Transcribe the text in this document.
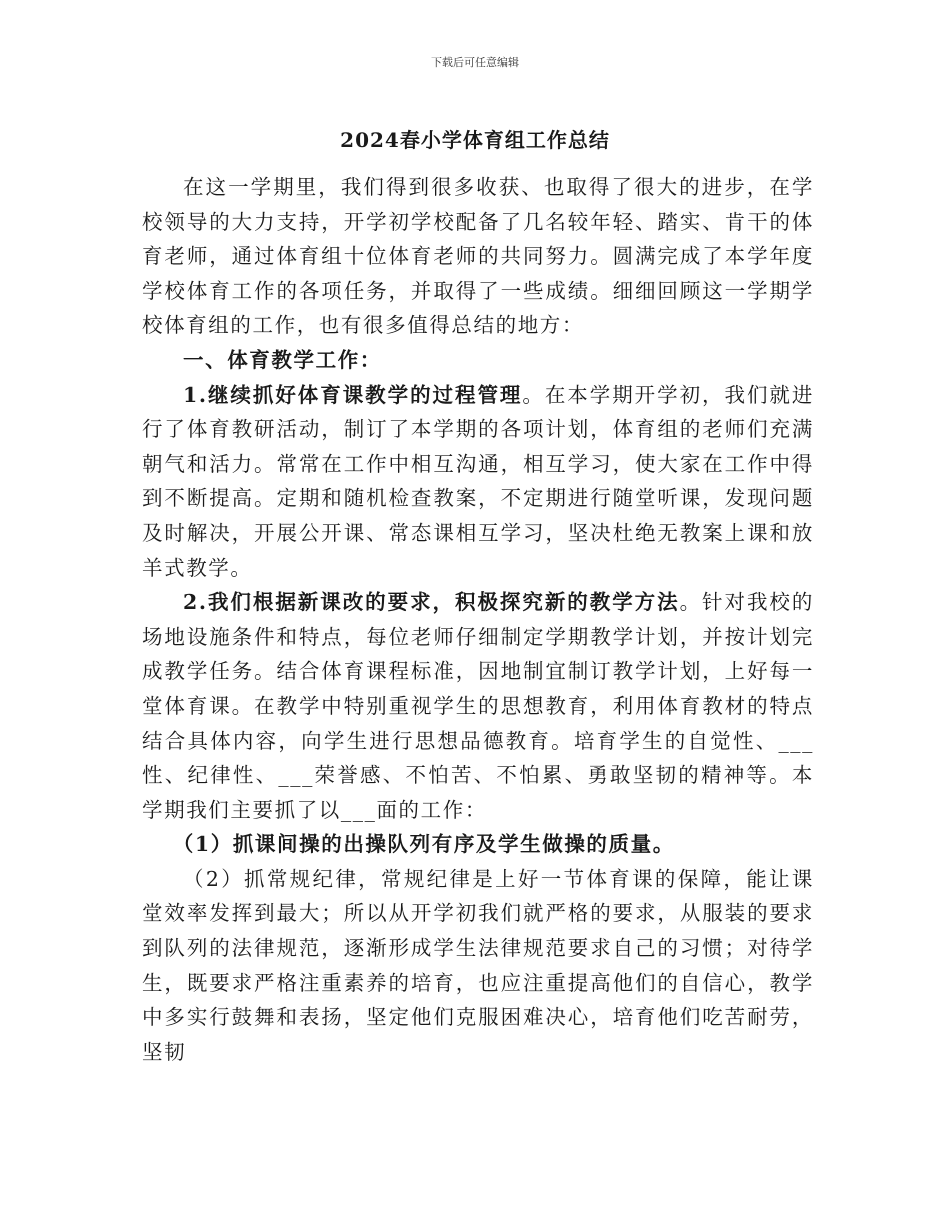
下载后可任意编辑
2024春小学体育组工作总结

在这一学期里，我们得到很多收获、也取得了很大的进步，在学校领导的大力支持，开学初学校配备了几名较年轻、踏实、肯干的体育老师，通过体育组十位体育老师的共同努力。圆满完成了本学年度学校体育工作的各项任务，并取得了一些成绩。细细回顾这一学期学校体育组的工作，也有很多值得总结的地方：

一、体育教学工作：

1.继续抓好体育课教学的过程管理。在本学期开学初，我们就进行了体育教研活动，制订了本学期的各项计划，体育组的老师们充满朝气和活力。常常在工作中相互沟通，相互学习，使大家在工作中得到不断提高。定期和随机检查教案，不定期进行随堂听课，发现问题及时解决，开展公开课、常态课相互学习，坚决杜绝无教案上课和放羊式教学。

2.我们根据新课改的要求，积极探究新的教学方法。针对我校的场地设施条件和特点，每位老师仔细制定学期教学计划，并按计划完成教学任务。结合体育课程标准，因地制宜制订教学计划，上好每一堂体育课。在教学中特别重视学生的思想教育，利用体育教材的特点结合具体内容，向学生进行思想品德教育。培育学生的自觉性、___性、纪律性、___荣誉感、不怕苦、不怕累、勇敢坚韧的精神等。本学期我们主要抓了以___面的工作：

（1）抓课间操的出操队列有序及学生做操的质量。

（2）抓常规纪律，常规纪律是上好一节体育课的保障，能让课堂效率发挥到最大；所以从开学初我们就严格的要求，从服装的要求到队列的法律规范，逐渐形成学生法律规范要求自己的习惯；对待学生，既要求严格注重素养的培育，也应注重提高他们的自信心，教学中多实行鼓舞和表扬，坚定他们克服困难决心，培育他们吃苦耐劳，坚韧
